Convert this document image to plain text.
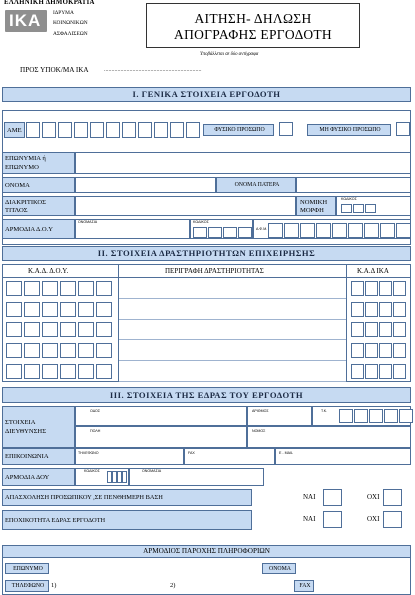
ΕΛΛΗΝΙΚΗ ΔΗΜΟΚΡΑΤΙΑ
IKA ΙΔΡΥΜΑ
ΚΟΙΝΩΝΙΚΩΝ
ΑΣΦΑΛΙΣΕΩΝ
ΑΙΤΗΣΗ- ΔΗΛΩΣΗ
ΑΠΟΓΡΑΦΗΣ ΕΡΓΟΔΟΤΗ
Υποβάλλεται σε δύο αντίγραφα
ΠΡΟΣ ΥΠΟΚ/ΜΑ ΙΚΑ	.................................................................
Ι. ΓΕΝΙΚΑ ΣΤΟΙΧΕΙΑ ΕΡΓΟΔΟΤΗ
ΑΜΕ	ΦΥΣΙΚΟ ΠΡΟΣΩΠΟ	ΜΗ ΦΥΣΙΚΟ ΠΡΟΣΩΠΟ
ΕΠΩΝΥΜΙΑ ή
ΕΠΩΝΥΜΟ
ΟΝΟΜΑ	ΟΝΟΜΑ ΠΑΤΕΡΑ
ΔΙΑΚΡΙΤΙΚΟΣ
ΤΙΤΛΟΣ
ΝΟΜΙΚΗ
ΜΟΡΦΗ
ΚΩΔΙΚΟΣ
ΑΡΜΟΔΙΑ Δ.Ο.Υ
ΟΝΟΜΑΣΙΑ	ΚΩΔΙΚΟΣ
Α.Φ.Μ.
ΙΙ. ΣΤΟΙΧΕΙΑ ΔΡΑΣΤΗΡΙΟΤΗΤΩΝ ΕΠΙΧΕΙΡΗΣΗΣ
Κ.Α.Δ. Δ.Ο.Υ.	ΠΕΡΙΓΡΑΦΗ ΔΡΑΣΤΗΡΙΟΤΗΤΑΣ	Κ.Α.Δ ΙΚΑ
ΙΙΙ. ΣΤΟΙΧΕΙΑ ΤΗΣ ΕΔΡΑΣ ΤΟΥ ΕΡΓΟΔΟΤΗ
ΣΤΟΙΧΕΙΑ
ΔΙΕΥΘΥΝΣΗΣ
ΟΔΟΣ	ΑΡΙΘΜΟΣ	Τ.Κ.
ΠΟΛΗ	ΝΟΜΟΣ
ΕΠΙΚΟΙΝΩΝΙΑ	ΤΗΛΕΦΩΝΟ	FAX	E - MAIL
ΑΡΜΟΔΙΑ ΔΟΥ
ΚΩΔΙΚΟΣ	ΟΝΟΜΑΣΙΑ
ΑΠΑΣΧΟΛΗΣΗ ΠΡΟΣΩΠΙΚΟΥ ,ΣΕ ΠΕΝΘΗΜΕΡΗ ΒΑΣΗ	ΝΑΙ	ΟΧΙ
ΕΠΟΧΙΚΟΤΗΤΑ ΕΔΡΑΣ ΕΡΓΟΔΟΤΗ	ΝΑΙ	ΟΧΙ
ΑΡΜΟΔΙΟΣ ΠΑΡΟΧΗΣ ΠΛΗΡΟΦΟΡΙΩΝ
ΕΠΩΝΥΜΟ	ΟΝΟΜΑ
ΤΗΛΕΦΩΝΟ	1)	2)	FAX
